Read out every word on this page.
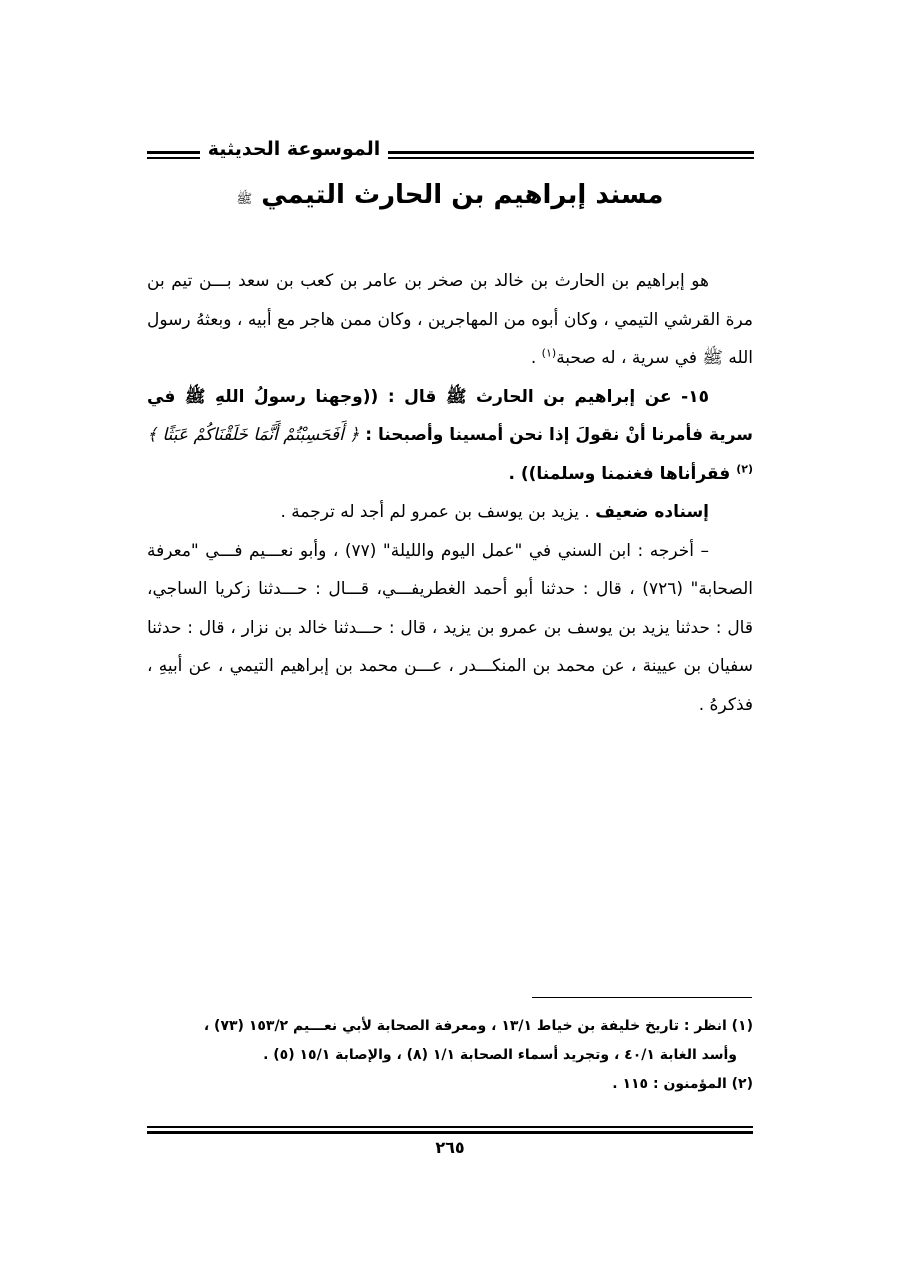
الموسوعة الحديثية
مسند إبراهيم بن الحارث التيمي ﷺ

هو إبراهيم بن الحارث بن خالد بن صخر بن عامر بن كعب بن سعد بـــن تيم بن مرة القرشي التيمي ، وكان أبوه من المهاجرين ، وكان ممن هاجر مع أبيه ، وبعثهُ رسول الله ﷺ في سرية ، له صحبة$^{(١)}$ .

١٥- عن إبراهيم بن الحارث ﷺ قال : ((وجهنا رسولُ اللهِ ﷺ في سرية فأمرنا أنْ نقولَ إذا نحن أمسينا وأصبحنا : ﴿ أَفَحَسِبْتُمْ أَنَّمَا خَلَقْنَاكُمْ عَبَثًا ﴾$^{(٢)}$ فقرأناها فغنمنا وسلمنا)) .

إسناده ضعيف . يزيد بن يوسف بن عمرو لم أجد له ترجمة .

– أخرجه : ابن السني في "عمل اليوم والليلة" (٧٧) ، وأبو نعـــيم فـــي "معرفة الصحابة" (٧٢٦) ، قال : حدثنا أبو أحمد الغطريفـــي، قـــال : حـــدثنا زكريا الساجي، قال : حدثنا يزيد بن يوسف بن عمرو بن يزيد ، قال : حـــدثنا خالد بن نزار ، قال : حدثنا سفيان بن عيينة ، عن محمد بن المنكـــدر ، عـــن محمد بن إبراهيم التيمي ، عن أبيهِ ، فذكرهُ .

(١) انظر : تاريخ خليفة بن خياط ١٣/١ ، ومعرفة الصحابة لأبي نعـــيم ١٥٣/٢ (٧٣) ،

وأسد الغابة ٤٠/١ ، وتجريد أسماء الصحابة ١/١ (٨) ، والإصابة ١٥/١ (٥) .

(٢) المؤمنون : ١١٥ .

٢٦٥
